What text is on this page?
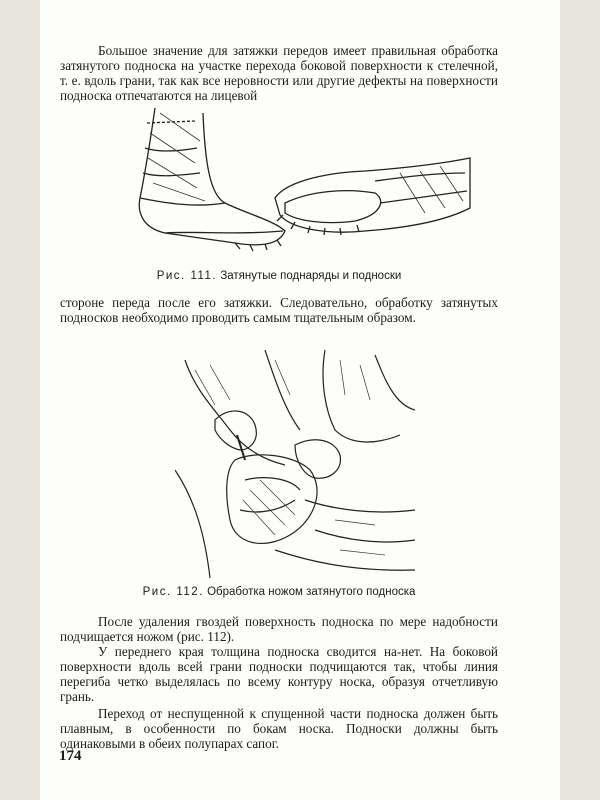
Большое значение для затяжки передов имеет правильная обработка затянутого подноска на участке перехода боковой поверхности к стелечной, т. е. вдоль грани, так как все неровности или другие дефекты на поверхности подноска отпечатаются на лицевой

Рис. 111. Затянутые поднаряды и подноски

стороне переда после его затяжки. Следовательно, обработку затянутых подносков необходимо проводить самым тщательным образом.

Рис. 112. Обработка ножом затянутого подноска

После удаления гвоздей поверхность подноска по мере надобности подчищается ножом (рис. 112).

У переднего края толщина подноска сводится на-нет. На боковой поверхности вдоль всей грани подноски подчищаются так, чтобы линия перегиба четко выделялась по всему контуру носка, образуя отчетливую грань.

Переход от неспущенной к спущенной части подноска должен быть плавным, в особенности по бокам носка. Подноски должны быть одинаковыми в обеих полупарах сапог.

174
